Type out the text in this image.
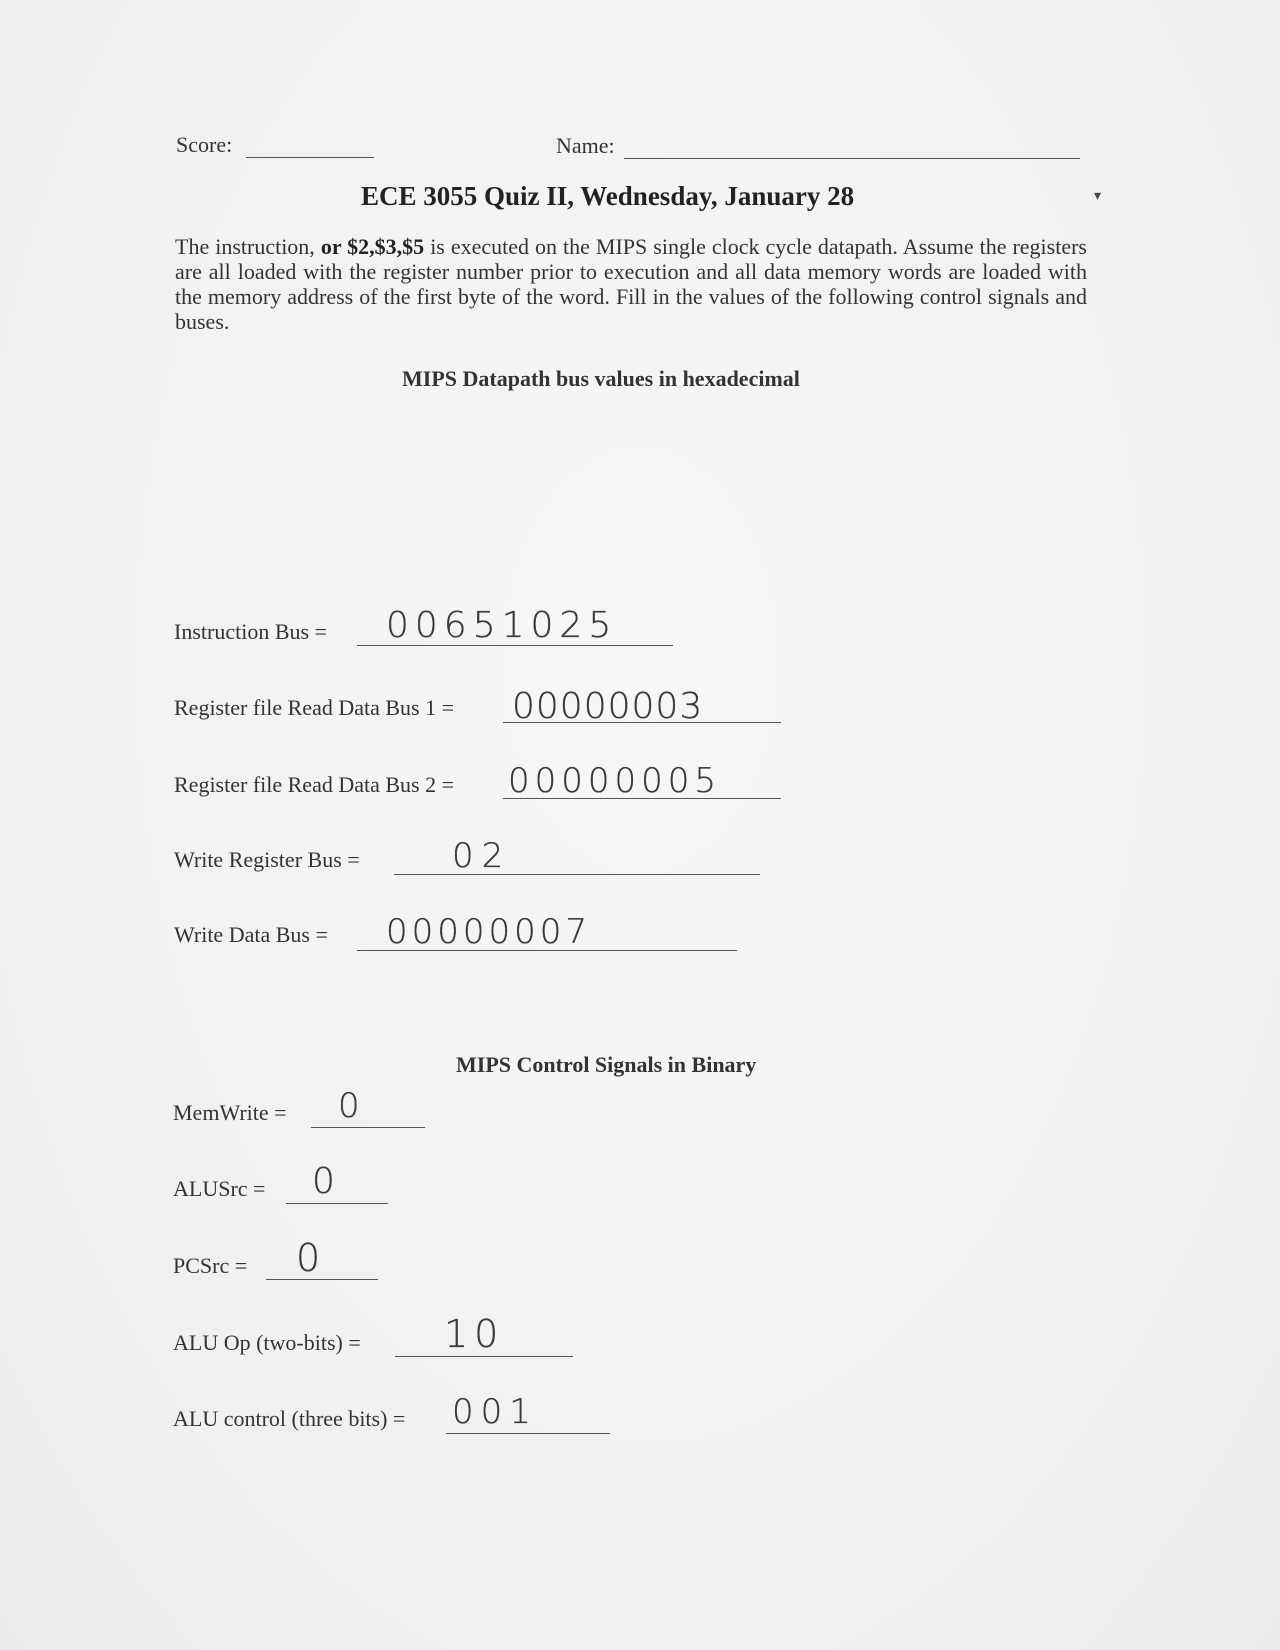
Score:	Name:
▾
ECE 3055 Quiz II, Wednesday, January 28
The instruction, or $2,$3,$5 is executed on the MIPS single clock cycle datapath. Assume the registers are all loaded with the register number prior to execution and all data memory words are loaded with the memory address of the first byte of the word. Fill in the values of the following control signals and buses.
MIPS Datapath bus values in hexadecimal
Instruction Bus = 00651025
Register file Read Data Bus 1 = 00000003
Register file Read Data Bus 2 = 00000005
Write Register Bus =	02
Write Data Bus = 00000007
MIPS Control Signals in Binary
MemWrite = 0
ALUSrc = 0
PCSrc = 0
ALU Op (two-bits) = 10
ALU control (three bits) = 001
